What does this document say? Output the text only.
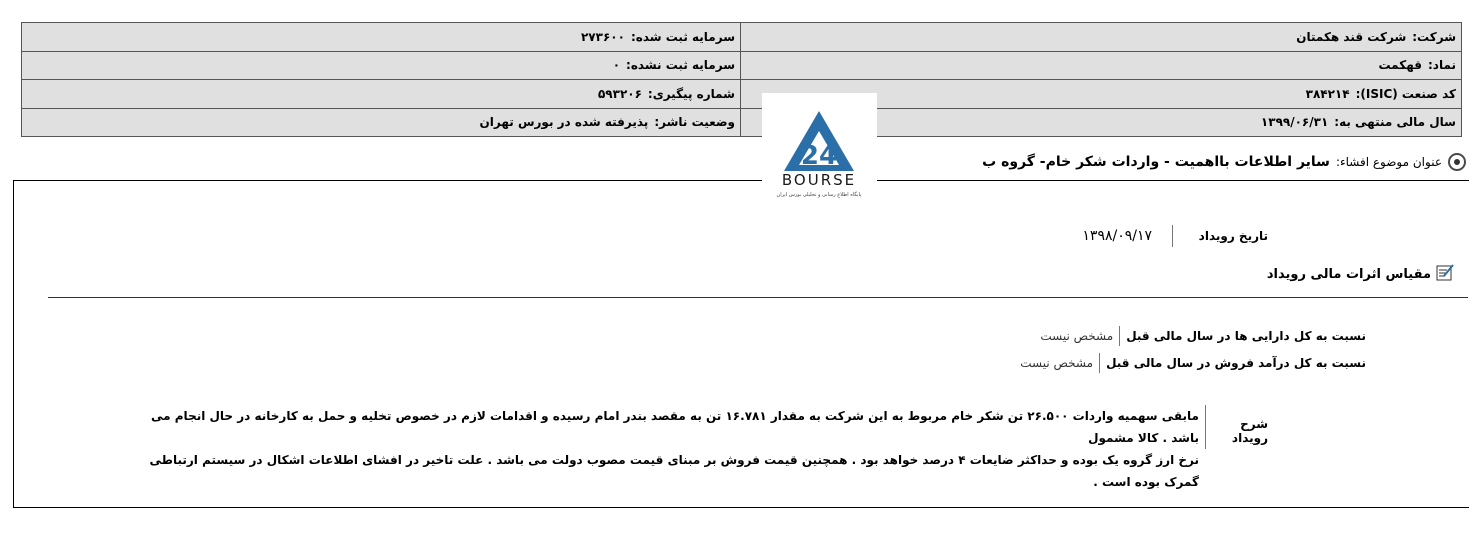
شرکت:شرکت قند هکمتان	سرمایه ثبت شده:۲۷۳۶۰۰
نماد:قهکمت	سرمایه ثبت نشده:۰
کد صنعت (ISIC):۳۸۴۲۱۴	شماره پیگیری:۵۹۳۲۰۶
سال مالی منتهی به:۱۳۹۹/۰۶/۳۱	وضعیت ناشر:پذیرفته شده در بورس تهران
24
BOURSE
پایگاه اطلاع رسانی و تحلیلی بورس ایران
عنوان موضوع افشاء:
سایر اطلاعات بااهمیت - واردات شکر خام- گروه ب
تاریخ رویداد
۱۳۹۸/۰۹/۱۷
مقیاس اثرات مالی رویداد
نسبت به کل دارایی ها در سال مالی قبل
مشخص نیست
نسبت به کل درآمد فروش در سال مالی قبل
مشخص نیست
شرح رویداد
مابقی سهمیه واردات ۲۶.۵۰۰ تن شکر خام مربوط به این شرکت به مقدار ۱۶.۷۸۱ تن به مقصد بندر امام رسیده و اقدامات لازم در خصوص تخلیه و حمل به کارخانه در حال انجام می باشد . کالا مشمول
نرخ ارز گروه یک بوده و حداکثر ضایعات ۴ درصد خواهد بود . همچنین قیمت فروش بر مبنای قیمت مصوب دولت می باشد . علت تاخیر در افشای اطلاعات اشکال در سیستم ارتباطی گمرک بوده است .
